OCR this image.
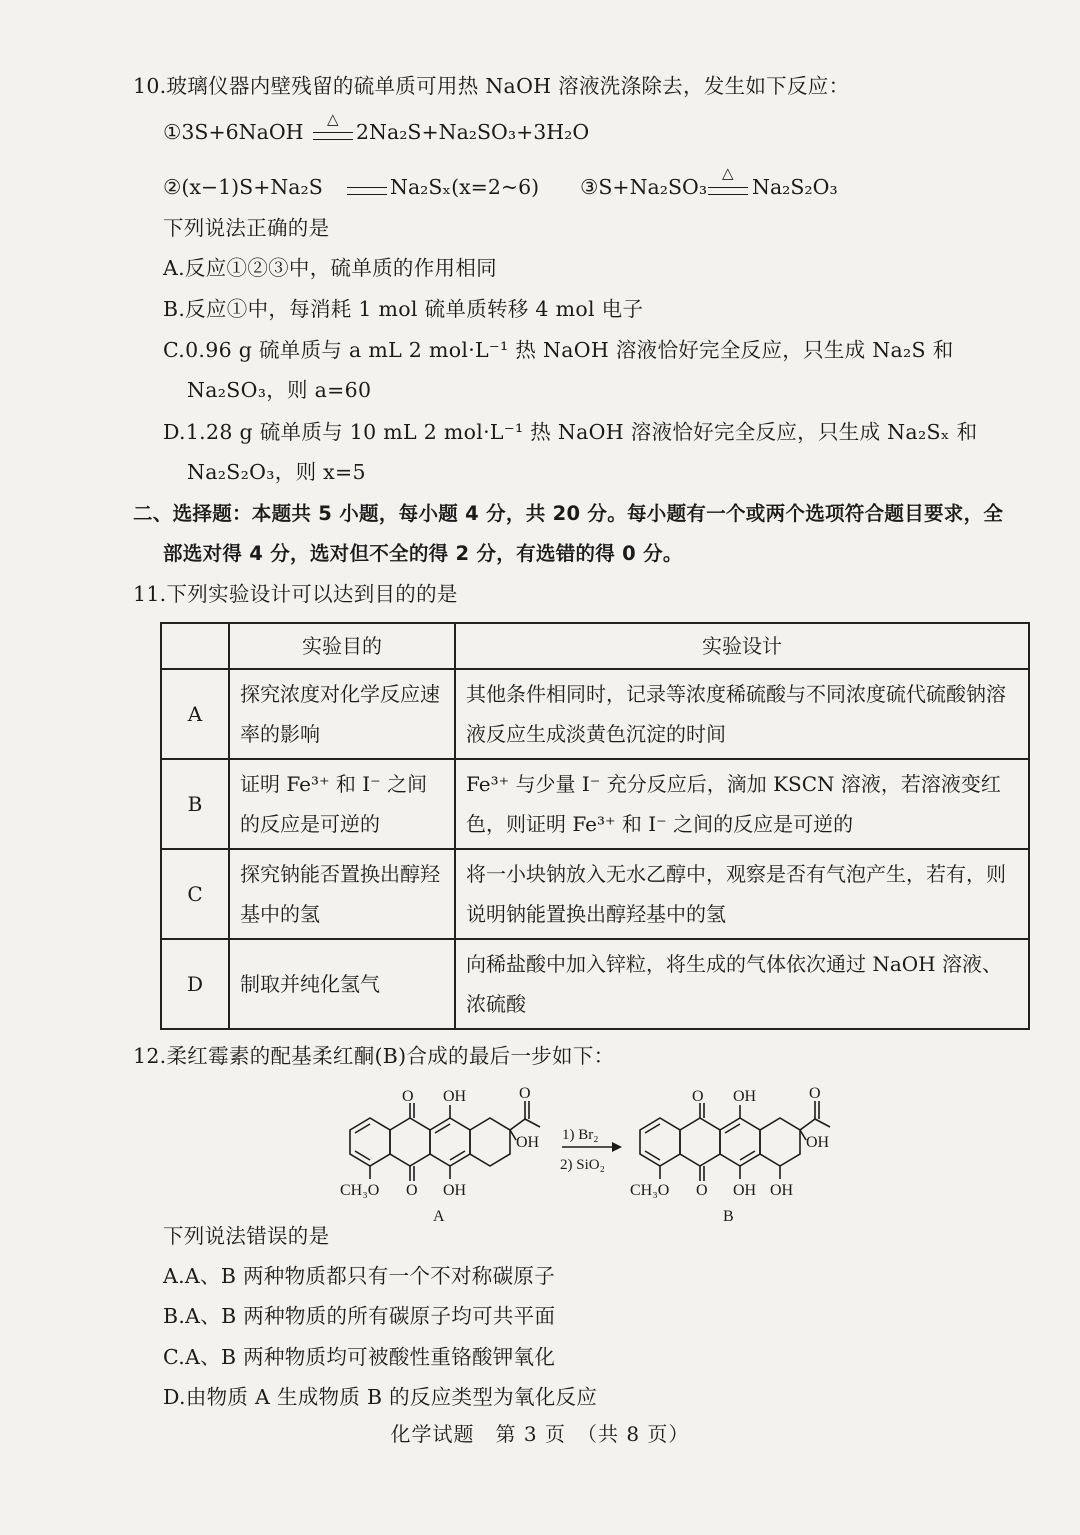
10.玻璃仪器内壁残留的硫单质可用热 NaOH 溶液洗涤除去，发生如下反应：
①3S+6NaOH
△
2Na₂S+Na₂SO₃+3H₂O
②(x−1)S+Na₂S	Na₂Sₓ(x=2~6) ③S+Na₂SO₃
△
Na₂S₂O₃
下列说法正确的是
A.反应①②③中，硫单质的作用相同
B.反应①中，每消耗 1 mol 硫单质转移 4 mol 电子
C.0.96 g 硫单质与 a mL 2 mol·L⁻¹ 热 NaOH 溶液恰好完全反应，只生成 Na₂S 和
Na₂SO₃，则 a=60
D.1.28 g 硫单质与 10 mL 2 mol·L⁻¹ 热 NaOH 溶液恰好完全反应，只生成 Na₂Sₓ 和
Na₂S₂O₃，则 x=5
二、选择题：本题共 5 小题，每小题 4 分，共 20 分。每小题有一个或两个选项符合题目要求，全
部选对得 4 分，选对但不全的得 2 分，有选错的得 0 分。
11.下列实验设计可以达到目的的是
	实验目的	实验设计
A	探究浓度对化学反应速率的影响	其他条件相同时，记录等浓度稀硫酸与不同浓度硫代硫酸钠溶液反应生成淡黄色沉淀的时间
B	证明 Fe³⁺ 和 I⁻ 之间的反应是可逆的	Fe³⁺ 与少量 I⁻ 充分反应后，滴加 KSCN 溶液，若溶液变红色，则证明 Fe³⁺ 和 I⁻ 之间的反应是可逆的
C	探究钠能否置换出醇羟基中的氢	将一小块钠放入无水乙醇中，观察是否有气泡产生，若有，则说明钠能置换出醇羟基中的氢
D	制取并纯化氢气	向稀盐酸中加入锌粒，将生成的气体依次通过 NaOH 溶液、浓硫酸
12.柔红霉素的配基柔红酮(B)合成的最后一步如下：
O OH	O
OH
CH₃O O OH
A
1) Br₂
2) SiO₂
O OH	O
OH
CH₃O O OH OH
B
下列说法错误的是
A.A、B 两种物质都只有一个不对称碳原子
B.A、B 两种物质的所有碳原子均可共平面
C.A、B 两种物质均可被酸性重铬酸钾氧化
D.由物质 A 生成物质 B 的反应类型为氧化反应
化学试题　第 3 页　（共 8 页）
